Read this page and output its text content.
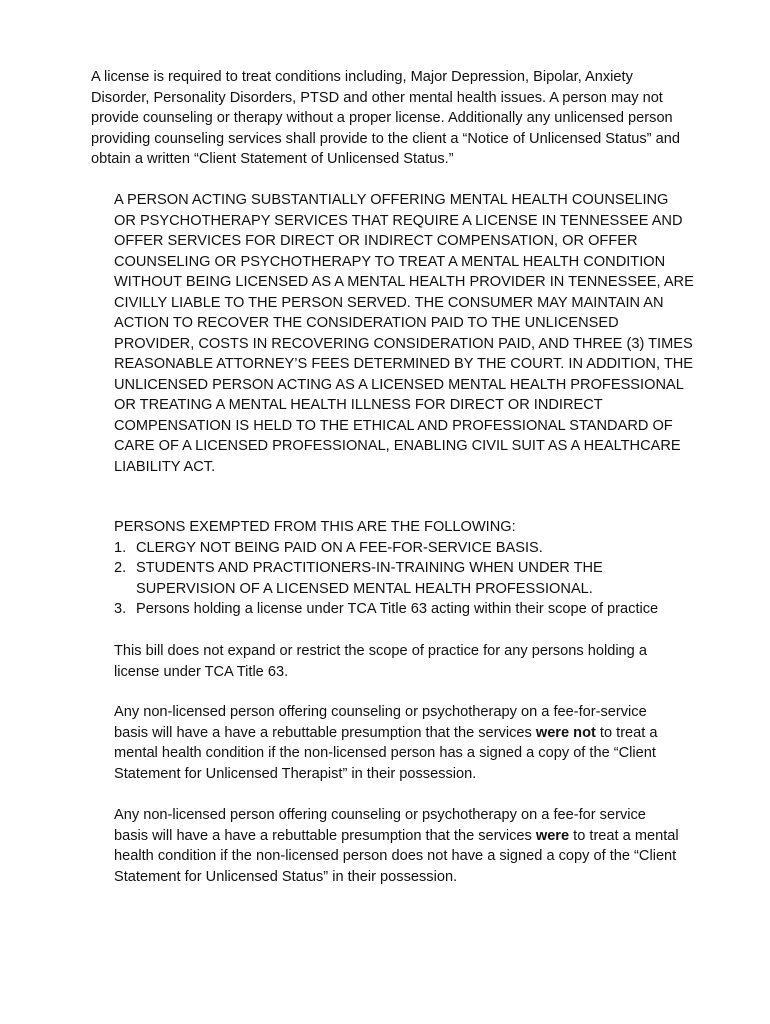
A license is required to treat conditions including, Major Depression, Bipolar, Anxiety Disorder, Personality Disorders, PTSD and other mental health issues. A person may not provide counseling or therapy without a proper license. Additionally any unlicensed person providing counseling services shall provide to the client a “Notice of Unlicensed Status” and obtain a written “Client Statement of Unlicensed Status.”

A PERSON ACTING SUBSTANTIALLY OFFERING MENTAL HEALTH COUNSELING OR PSYCHOTHERAPY SERVICES THAT REQUIRE A LICENSE IN TENNESSEE AND OFFER SERVICES FOR DIRECT OR INDIRECT COMPENSATION, OR OFFER COUNSELING OR PSYCHOTHERAPY TO TREAT A MENTAL HEALTH CONDITION WITHOUT BEING LICENSED AS A MENTAL HEALTH PROVIDER IN TENNESSEE, ARE CIVILLY LIABLE TO THE PERSON SERVED. THE CONSUMER MAY MAINTAIN AN ACTION TO RECOVER THE CONSIDERATION PAID TO THE UNLICENSED PROVIDER, COSTS IN RECOVERING CONSIDERATION PAID, AND THREE (3) TIMES REASONABLE ATTORNEY’S FEES DETERMINED BY THE COURT. IN ADDITION, THE UNLICENSED PERSON ACTING AS A LICENSED MENTAL HEALTH PROFESSIONAL OR TREATING A MENTAL HEALTH ILLNESS FOR DIRECT OR INDIRECT COMPENSATION IS HELD TO THE ETHICAL AND PROFESSIONAL STANDARD OF CARE OF A LICENSED PROFESSIONAL, ENABLING CIVIL SUIT AS A HEALTHCARE LIABILITY ACT.

PERSONS EXEMPTED FROM THIS ARE THE FOLLOWING:
1. CLERGY NOT BEING PAID ON A FEE-FOR-SERVICE BASIS.
2. STUDENTS AND PRACTITIONERS-IN-TRAINING WHEN UNDER THE SUPERVISION OF A LICENSED MENTAL HEALTH PROFESSIONAL.
3. Persons holding a license under TCA Title 63 acting within their scope of practice

This bill does not expand or restrict the scope of practice for any persons holding a license under TCA Title 63.

Any non-licensed person offering counseling or psychotherapy on a fee-for-service basis will have a have a rebuttable presumption that the services were not to treat a mental health condition if the non-licensed person has a signed a copy of the “Client Statement for Unlicensed Therapist” in their possession.

Any non-licensed person offering counseling or psychotherapy on a fee-for service basis will have a have a rebuttable presumption that the services were to treat a mental health condition if the non-licensed person does not have a signed a copy of the “Client Statement for Unlicensed Status” in their possession.
